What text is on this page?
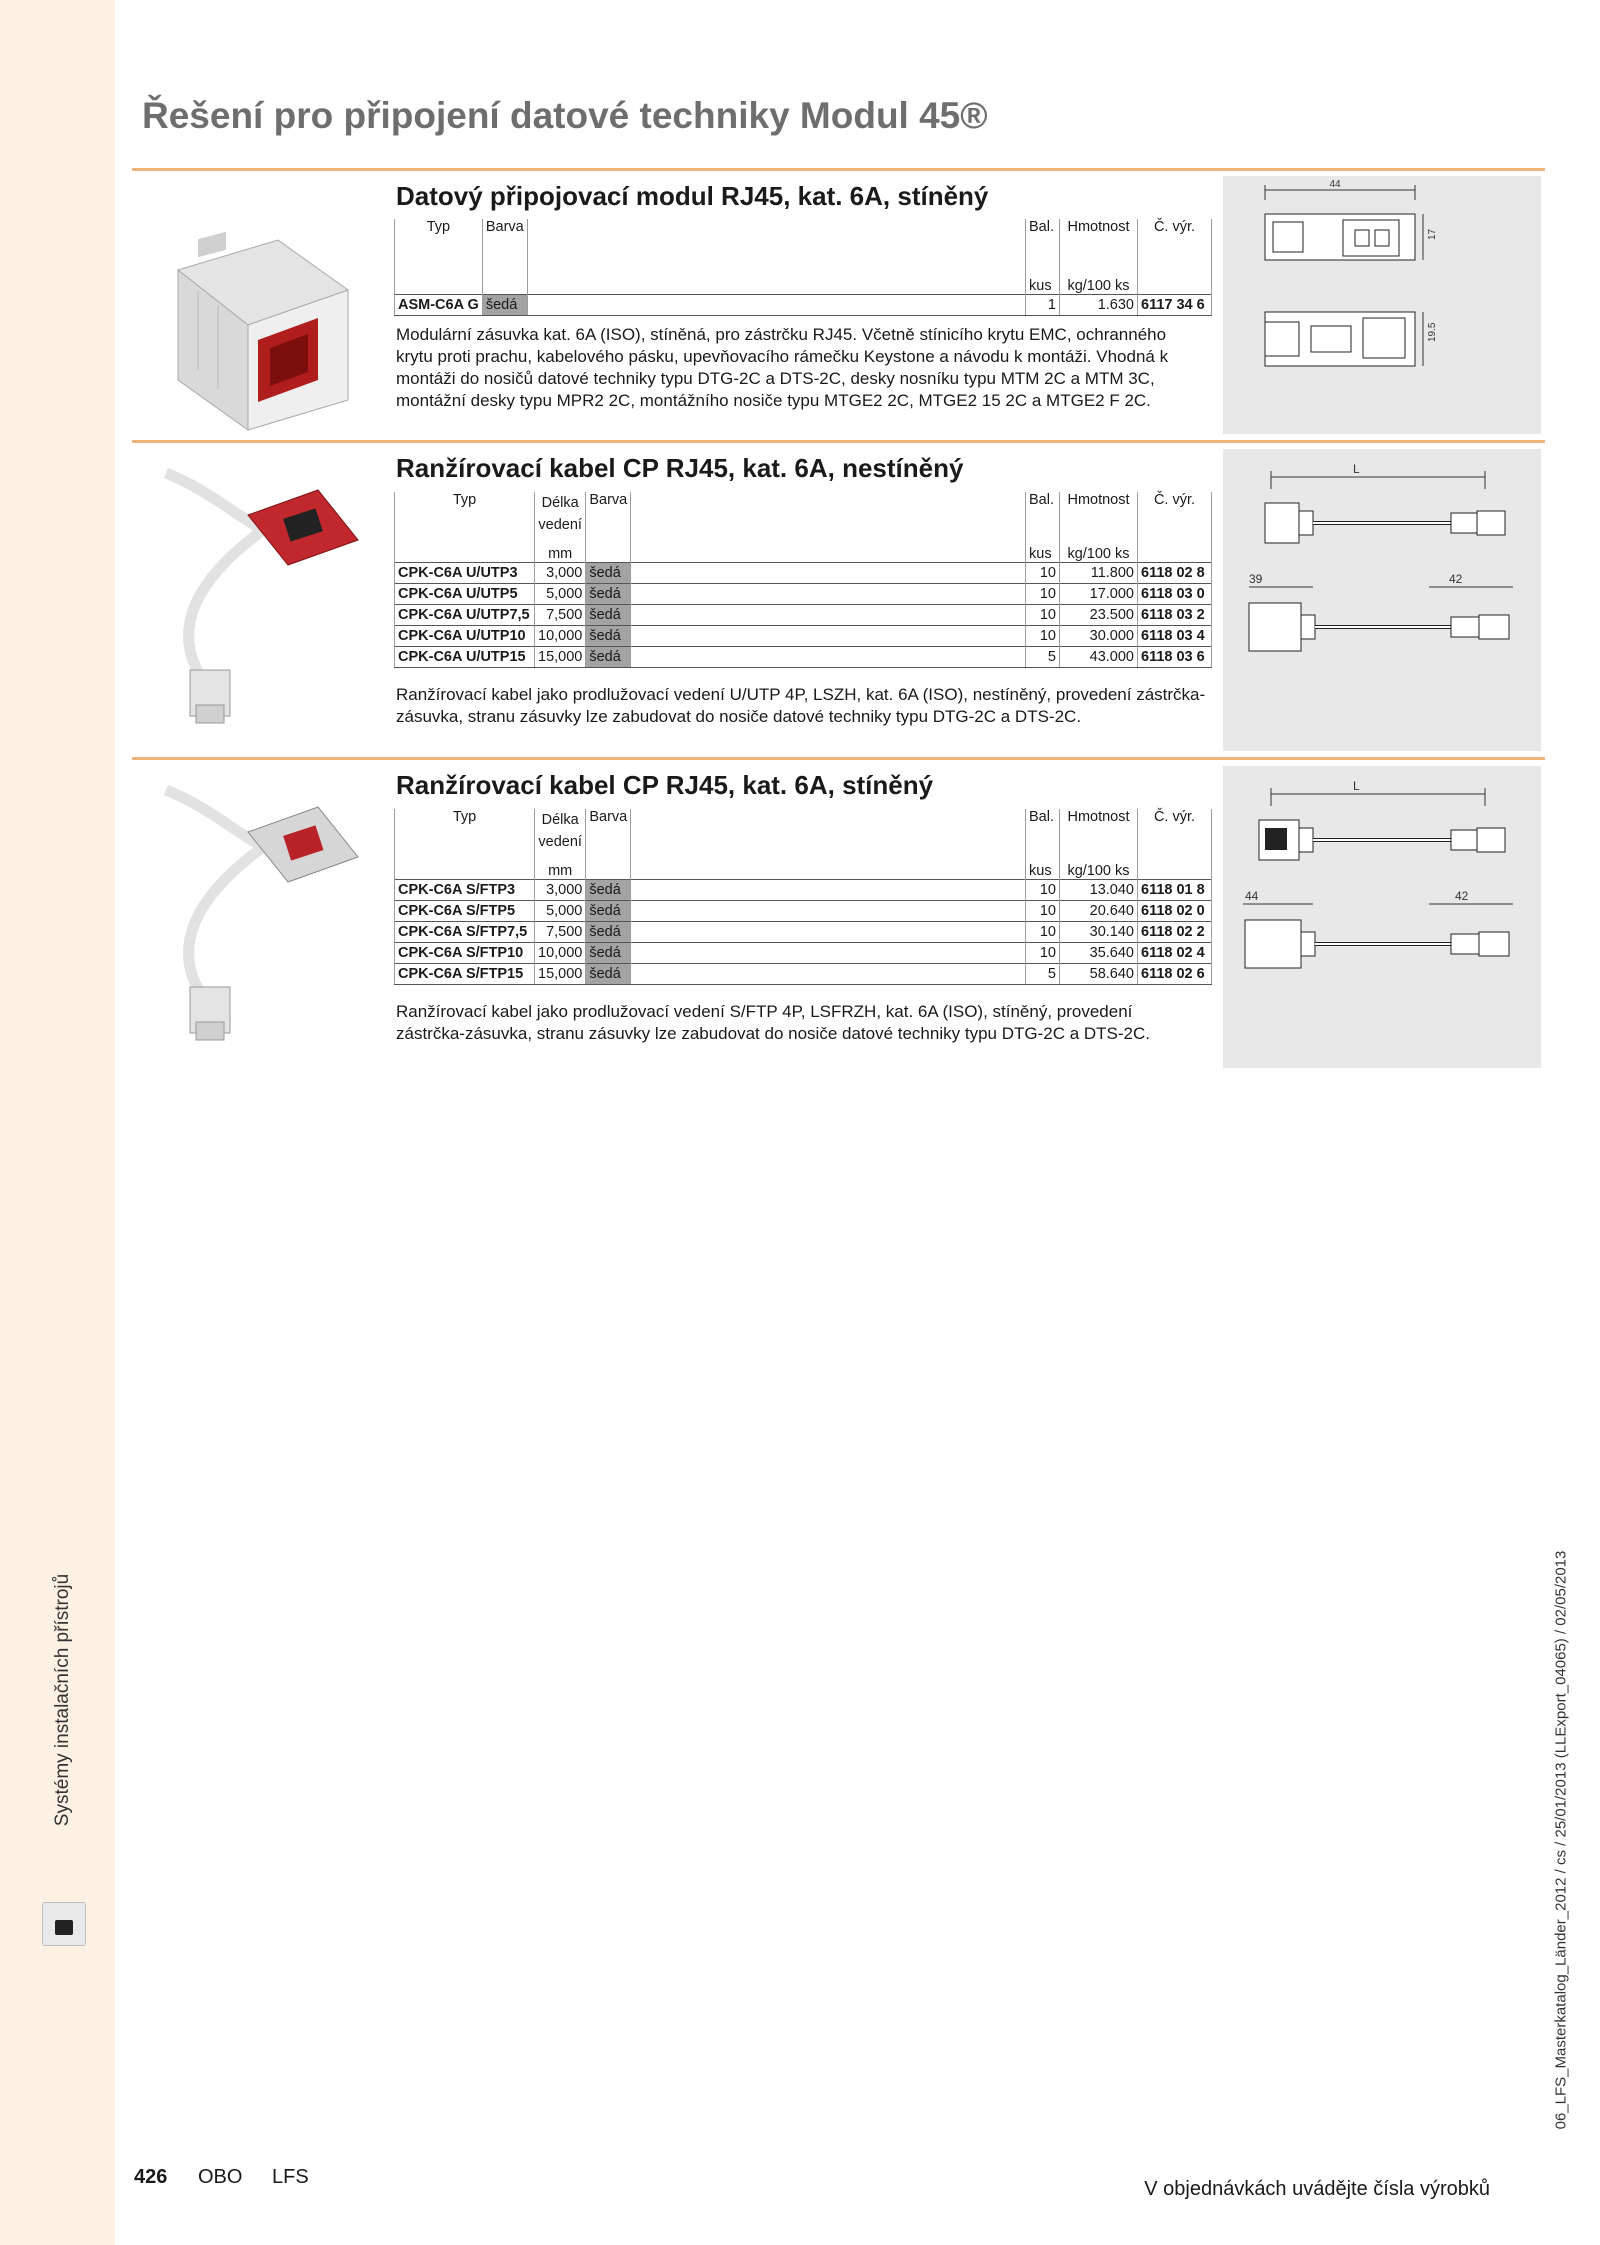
Systémy instalačních přístrojů
Řešení pro připojení datové techniky Modul 45®
Datový připojovací modul RJ45, kat. 6A, stíněný
Typ	Barva		Bal.	Hmotnost	Č. výr.

			kus	kg/100 ks	
ASM-C6A G	šedá		1	1.630	6117 34 6

Modulární zásuvka kat. 6A (ISO), stíněná, pro zástrčku RJ45. Včetně stínicího krytu EMC, ochranného krytu proti prachu, kabelového pásku, upevňovacího rámečku Keystone a návodu k montáži. Vhodná k montáži do nosičů datové techniky typu DTG-2C a DTS-2C, desky nosníku typu MTM 2C a MTM 3C, montážní desky typu MPR2 2C, montážního nosiče typu MTGE2 2C, MTGE2 15 2C a MTGE2 F 2C.

44
17
19.5
Ranžírovací kabel CP RJ45, kat. 6A, nestíněný
Typ	Délka vedení	Barva		Bal.	Hmotnost	Č. výr.
	mm			kus	kg/100 ks	
CPK-C6A U/UTP3	3,000	šedá		10	11.800	6118 02 8
CPK-C6A U/UTP5	5,000	šedá		10	17.000	6118 03 0
CPK-C6A U/UTP7,5	7,500	šedá		10	23.500	6118 03 2
CPK-C6A U/UTP10	10,000	šedá		10	30.000	6118 03 4
CPK-C6A U/UTP15	15,000	šedá		5	43.000	6118 03 6

Ranžírovací kabel jako prodlužovací vedení U/UTP 4P, LSZH, kat. 6A (ISO), nestíněný, provedení zástrčka-zásuvka, stranu zásuvky lze zabudovat do nosiče datové techniky typu DTG-2C a DTS-2C.

L
39	42
Ranžírovací kabel CP RJ45, kat. 6A, stíněný
Typ	Délka vedení	Barva		Bal.	Hmotnost	Č. výr.
	mm			kus	kg/100 ks	
CPK-C6A S/FTP3	3,000	šedá		10	13.040	6118 01 8
CPK-C6A S/FTP5	5,000	šedá		10	20.640	6118 02 0
CPK-C6A S/FTP7,5	7,500	šedá		10	30.140	6118 02 2
CPK-C6A S/FTP10	10,000	šedá		10	35.640	6118 02 4
CPK-C6A S/FTP15	15,000	šedá		5	58.640	6118 02 6

Ranžírovací kabel jako prodlužovací vedení S/FTP 4P, LSFRZH, kat. 6A (ISO), stíněný, provedení zástrčka-zásuvka, stranu zásuvky lze zabudovat do nosiče datové techniky typu DTG-2C a DTS-2C.

L
44	42
06_LFS_Masterkatalog_Länder_2012 / cs / 25/01/2013 (LLExport_04065) / 02/05/2013
426 OBO LFS
V objednávkách uvádějte čísla výrobků
